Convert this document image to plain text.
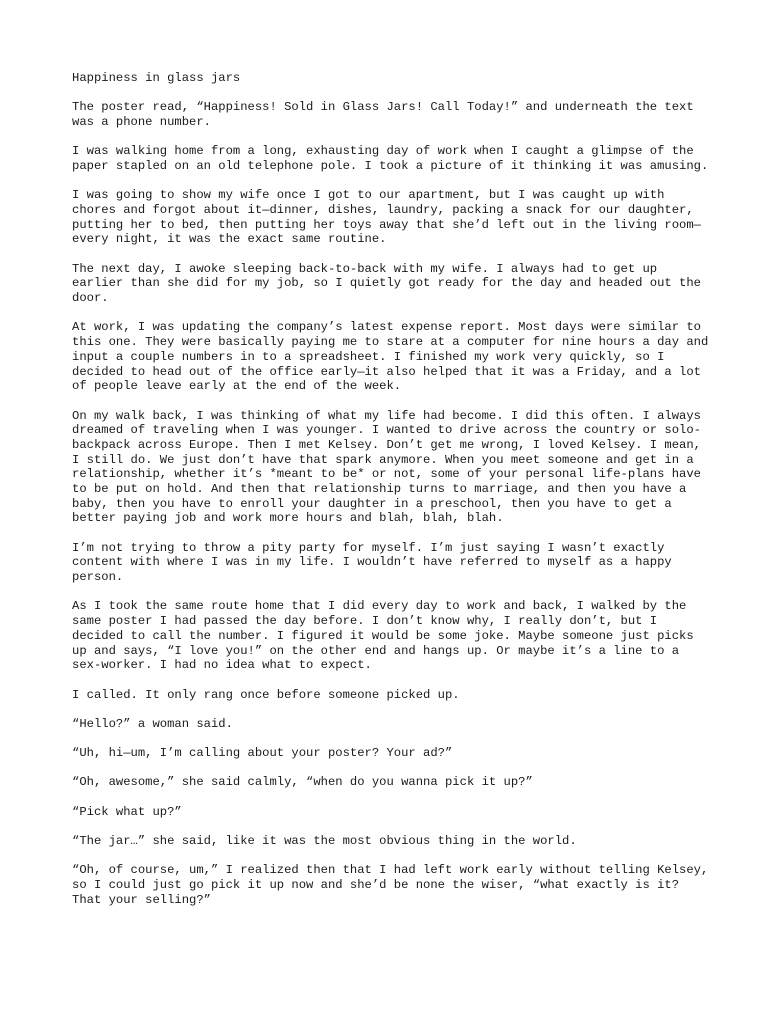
Happiness in glass jars

The poster read, “Happiness! Sold in Glass Jars! Call Today!” and underneath the text was a phone number.

I was walking home from a long, exhausting day of work when I caught a glimpse of the paper stapled on an old telephone pole. I took a picture of it thinking it was amusing.

I was going to show my wife once I got to our apartment, but I was caught up with chores and forgot about it—dinner, dishes, laundry, packing a snack for our daughter, putting her to bed, then putting her toys away that she’d left out in the living room—every night, it was the exact same routine.

The next day, I awoke sleeping back-to-back with my wife. I always had to get up earlier than she did for my job, so I quietly got ready for the day and headed out the door.

At work, I was updating the company’s latest expense report. Most days were similar to this one. They were basically paying me to stare at a computer for nine hours a day and input a couple numbers in to a spreadsheet. I finished my work very quickly, so I decided to head out of the office early—it also helped that it was a Friday, and a lot of people leave early at the end of the week.

On my walk back, I was thinking of what my life had become. I did this often. I always dreamed of traveling when I was younger. I wanted to drive across the country or solo-backpack across Europe. Then I met Kelsey. Don’t get me wrong, I loved Kelsey. I mean, I still do. We just don’t have that spark anymore. When you meet someone and get in a relationship, whether it’s *meant to be* or not, some of your personal life-plans have to be put on hold. And then that relationship turns to marriage, and then you have a baby, then you have to enroll your daughter in a preschool, then you have to get a better paying job and work more hours and blah, blah, blah.

I’m not trying to throw a pity party for myself. I’m just saying I wasn’t exactly content with where I was in my life. I wouldn’t have referred to myself as a happy person.

As I took the same route home that I did every day to work and back, I walked by the same poster I had passed the day before. I don’t know why, I really don’t, but I decided to call the number. I figured it would be some joke. Maybe someone just picks up and says, “I love you!” on the other end and hangs up. Or maybe it’s a line to a sex-worker. I had no idea what to expect.

I called. It only rang once before someone picked up.

“Hello?” a woman said.

“Uh, hi—um, I’m calling about your poster? Your ad?”

“Oh, awesome,” she said calmly, “when do you wanna pick it up?”

“Pick what up?”

“The jar…” she said, like it was the most obvious thing in the world.

“Oh, of course, um,” I realized then that I had left work early without telling Kelsey, so I could just go pick it up now and she’d be none the wiser, “what exactly is it? That your selling?”
